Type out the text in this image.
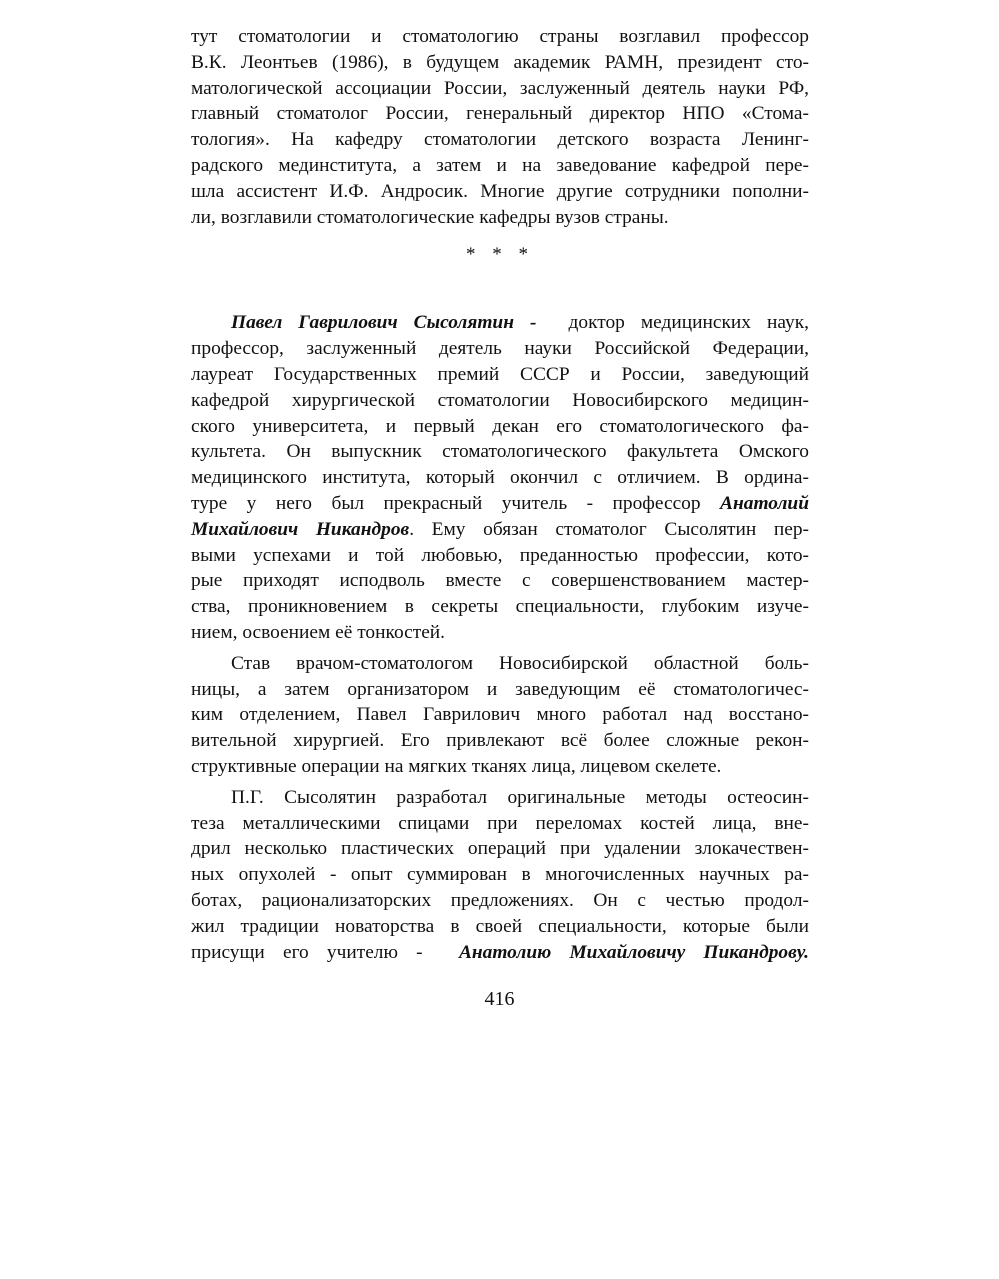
тут стоматологии и стоматологию страны возглавил профессор
В.К. Леонтьев (1986), в будущем академик РАМН, президент сто-
матологической ассоциации России, заслуженный деятель науки РФ,
главный стоматолог России, генеральный директор НПО «Стома-
тология». На кафедру стоматологии детского возраста Ленинг-
радского мединститута, а затем и на заведование кафедрой пере-
шла ассистент И.Ф. Андросик. Многие другие сотрудники пополни-
ли, возглавили стоматологические кафедры вузов страны.
* * *
Павел Гаврилович Сысолятин - доктор медицинских наук,
профессор, заслуженный деятель науки Российской Федерации,
лауреат Государственных премий СССР и России, заведующий
кафедрой хирургической стоматологии Новосибирского медицин-
ского университета, и первый декан его стоматологического фа-
культета. Он выпускник стоматологического факультета Омского
медицинского института, который окончил с отличием. В ордина-
туре у него был прекрасный учитель - профессор Анатолий
Михайлович Никандров. Ему обязан стоматолог Сысолятин пер-
выми успехами и той любовью, преданностью профессии, кото-
рые приходят исподволь вместе с совершенствованием мастер-
ства, проникновением в секреты специальности, глубоким изуче-
нием, освоением её тонкостей.
Став врачом-стоматологом Новосибирской областной боль-
ницы, а затем организатором и заведующим её стоматологичес-
ким отделением, Павел Гаврилович много работал над восстано-
вительной хирургией. Его привлекают всё более сложные рекон-
структивные операции на мягких тканях лица, лицевом скелете.
П.Г. Сысолятин разработал оригинальные методы остеосин-
теза металлическими спицами при переломах костей лица, вне-
дрил несколько пластических операций при удалении злокачествен-
ных опухолей - опыт суммирован в многочисленных научных ра-
ботах, рационализаторских предложениях. Он с честью продол-
жил традиции новаторства в своей специальности, которые были
присущи его учителю - Анатолию Михайловичу Пикандрову.
416
